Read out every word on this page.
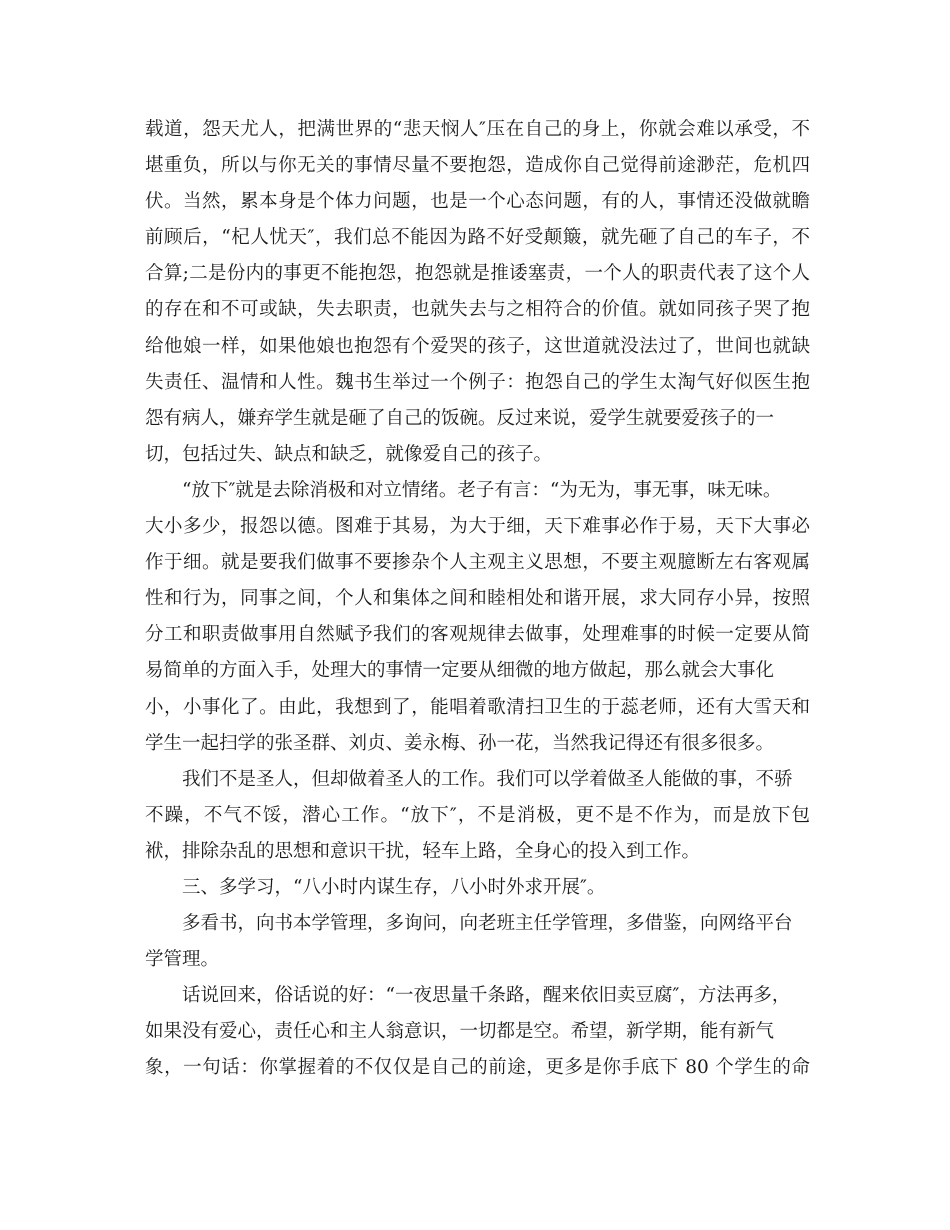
载道，怨天尤人，把满世界的“悲天悯人″压在自己的身上，你就会难以承受，不
堪重负，所以与你无关的事情尽量不要抱怨，造成你自己觉得前途渺茫，危机四
伏。当然，累本身是个体力问题，也是一个心态问题，有的人，事情还没做就瞻
前顾后，“杞人忧天″，我们总不能因为路不好受颠簸，就先砸了自己的车子，不
合算;二是份内的事更不能抱怨，抱怨就是推诿塞责，一个人的职责代表了这个人
的存在和不可或缺，失去职责，也就失去与之相符合的价值。就如同孩子哭了抱
给他娘一样，如果他娘也抱怨有个爱哭的孩子，这世道就没法过了，世间也就缺
失责任、温情和人性。魏书生举过一个例子：抱怨自己的学生太淘气好似医生抱
怨有病人，嫌弃学生就是砸了自己的饭碗。反过来说，爱学生就要爱孩子的一
切，包括过失、缺点和缺乏，就像爱自己的孩子。
“放下″就是去除消极和对立情绪。老子有言：“为无为，事无事，味无味。
大小多少，报怨以德。图难于其易，为大于细，天下难事必作于易，天下大事必
作于细。就是要我们做事不要掺杂个人主观主义思想，不要主观臆断左右客观属
性和行为，同事之间，个人和集体之间和睦相处和谐开展，求大同存小异，按照
分工和职责做事用自然赋予我们的客观规律去做事，处理难事的时候一定要从简
易简单的方面入手，处理大的事情一定要从细微的地方做起，那么就会大事化
小，小事化了。由此，我想到了，能唱着歌清扫卫生的于蕊老师，还有大雪天和
学生一起扫学的张圣群、刘贞、姜永梅、孙一花，当然我记得还有很多很多。
我们不是圣人，但却做着圣人的工作。我们可以学着做圣人能做的事，不骄
不躁，不气不馁，潜心工作。“放下″，不是消极，更不是不作为，而是放下包
袱，排除杂乱的思想和意识干扰，轻车上路，全身心的投入到工作。
三、多学习，“八小时内谋生存，八小时外求开展″。
多看书，向书本学管理，多询问，向老班主任学管理，多借鉴，向网络平台
学管理。
话说回来，俗话说的好：“一夜思量千条路，醒来依旧卖豆腐″，方法再多，
如果没有爱心，责任心和主人翁意识，一切都是空。希望，新学期，能有新气
象，一句话：你掌握着的不仅仅是自己的前途，更多是你手底下 80 个学生的命
